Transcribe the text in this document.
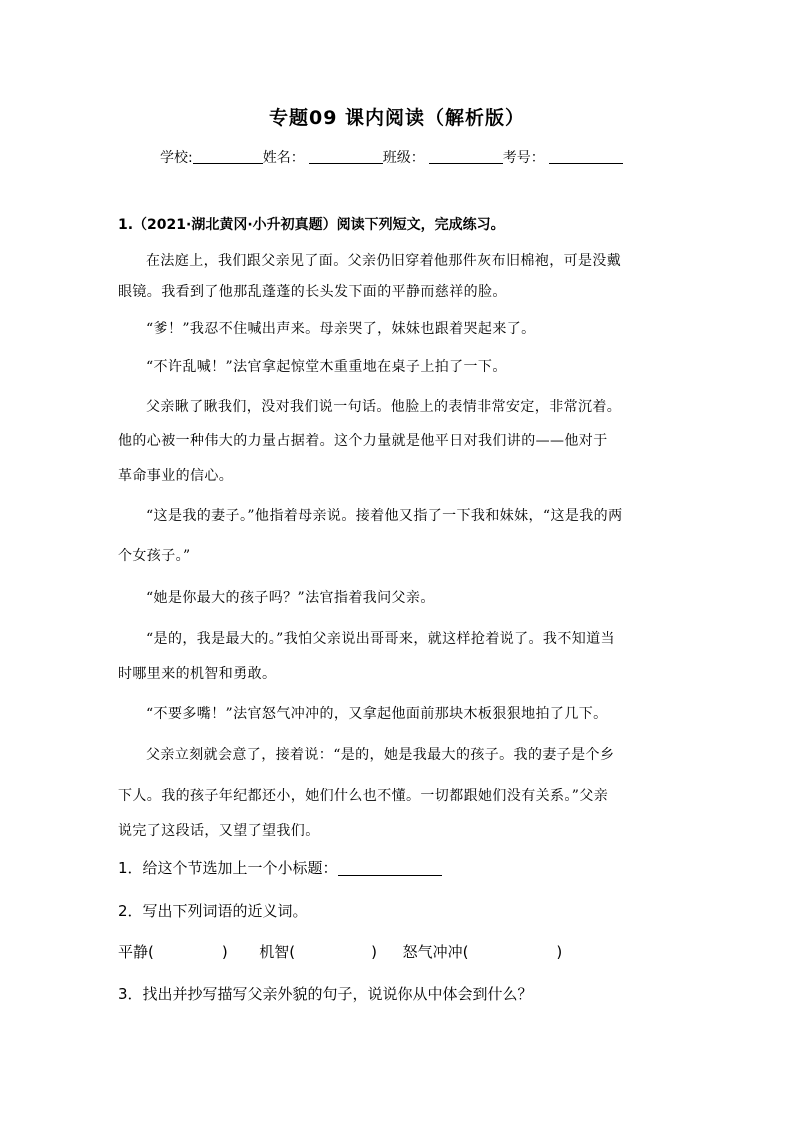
专题09 课内阅读（解析版）
学校:	姓名：	班级：	考号：
1.（2021·湖北黄冈·小升初真题）阅读下列短文，完成练习。
在法庭上，我们跟父亲见了面。父亲仍旧穿着他那件灰布旧棉袍，可是没戴
眼镜。我看到了他那乱蓬蓬的长头发下面的平静而慈祥的脸。
“爹！”我忍不住喊出声来。母亲哭了，妹妹也跟着哭起来了。
“不许乱喊！”法官拿起惊堂木重重地在桌子上拍了一下。
父亲瞅了瞅我们，没对我们说一句话。他脸上的表情非常安定，非常沉着。
他的心被一种伟大的力量占据着。这个力量就是他平日对我们讲的——他对于
革命事业的信心。
“这是我的妻子。”他指着母亲说。接着他又指了一下我和妹妹，“这是我的两
个女孩子。”
“她是你最大的孩子吗？”法官指着我问父亲。
“是的，我是最大的。”我怕父亲说出哥哥来，就这样抢着说了。我不知道当
时哪里来的机智和勇敢。
“不要多嘴！”法官怒气冲冲的，又拿起他面前那块木板狠狠地拍了几下。
父亲立刻就会意了，接着说：“是的，她是我最大的孩子。我的妻子是个乡
下人。我的孩子年纪都还小，她们什么也不懂。一切都跟她们没有关系。”父亲
说完了这段话，又望了望我们。
1．给这个节选加上一个小标题：
2．写出下列词语的近义词。
平静(	) 机智(	) 怒气冲冲(	)
3．找出并抄写描写父亲外貌的句子，说说你从中体会到什么？
